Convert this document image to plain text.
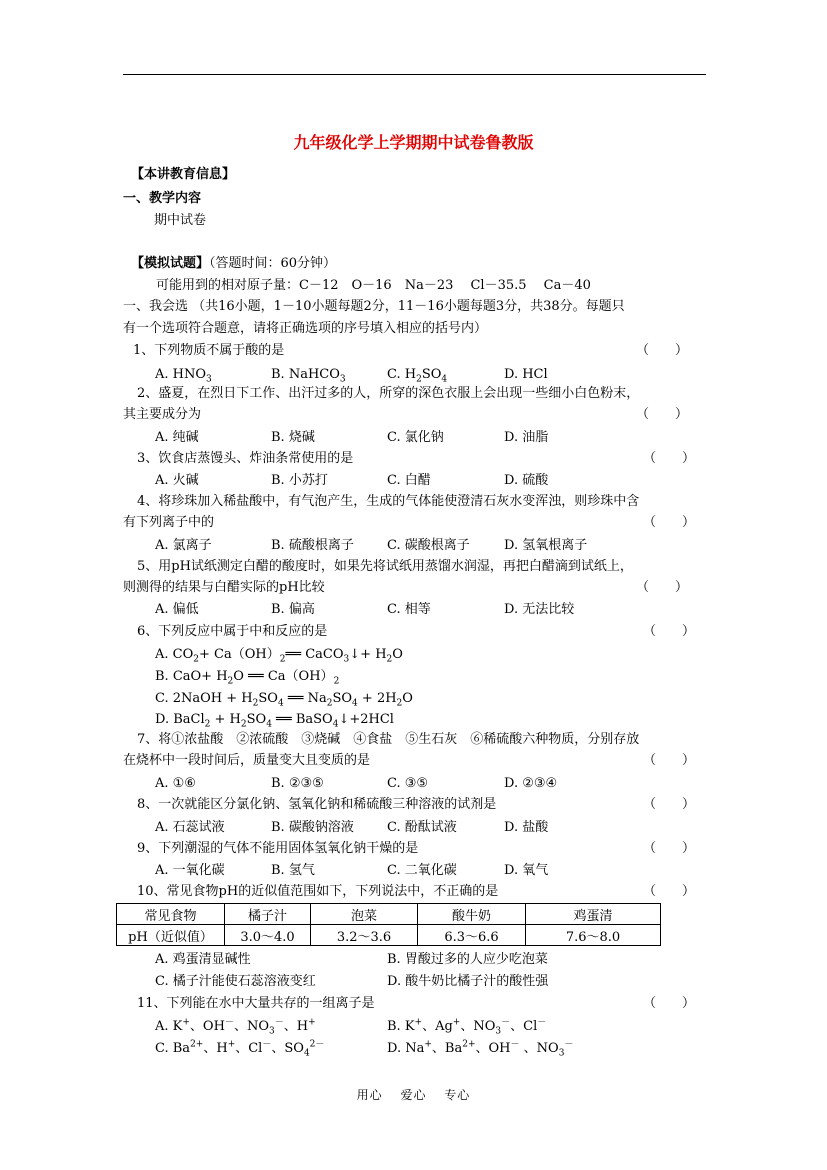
九年级化学上学期期中试卷鲁教版
【本讲教育信息】
一、教学内容
期中试卷
【模拟试题】（答题时间：60分钟）
可能用到的相对原子量：C－12　O－16　Na－23　 Cl－35.5　 Ca－40
一、我会选 （共16小题，1－10小题每题2分，11－16小题每题3分，共38分。每题只
有一个选项符合题意，请将正确选项的序号填入相应的括号内）
1、下列物质不属于酸的是	（　　）
A. $HNO_3$	B. NaHCO$_3$	C. $H_2SO_4$	D. HCl
2、盛夏，在烈日下工作、出汗过多的人，所穿的深色衣服上会出现一些细小白色粉末，
其主要成分为	（　　）
A. 纯碱	B. 烧碱	C. 氯化钠	D. 油脂
3、饮食店蒸馒头、炸油条常使用的是	（　　）
A. 火碱	B. 小苏打	C. 白醋	D. 硫酸
4、将珍珠加入稀盐酸中，有气泡产生，生成的气体能使澄清石灰水变浑浊，则珍珠中含
有下列离子中的	（　　）
A. 氯离子	B. 硫酸根离子	C. 碳酸根离子	D. 氢氧根离子
5、用pH试纸测定白醋的酸度时，如果先将试纸用蒸馏水润湿，再把白醋滴到试纸上，
则测得的结果与白醋实际的pH比较	（　　）
A. 偏低	B. 偏高	C. 相等	D. 无法比较
6、下列反应中属于中和反应的是	（　　）
A. $CO_2+$ $Ca(OH)_2══$ CaCO$_3$↓+ $H_2O$
B. $CaO+ H_2O$ ══ $Ca(OH)_2$
C. 2NaOH + $H_2SO_4$ ══ $Na_2SO_4 + 2H_2O$
D. BaCl$_2$ + $H_2SO_4$ ══ BaSO$_4$↓+2HCl
7、将①浓盐酸　②浓硫酸　③烧碱　④食盐　⑤生石灰　⑥稀硫酸六种物质，分别存放
在烧杯中一段时间后，质量变大且变质的是	（　　）
A. ①⑥	B. ②③⑤	C. ③⑤	D. ②③④
8、一次就能区分氯化钠、氢氧化钠和稀硫酸三种溶液的试剂是	（　　）
A. 石蕊试液	B. 碳酸钠溶液	C. 酚酞试液	D. 盐酸
9、下列潮湿的气体不能用固体氢氧化钠干燥的是	（　　）
A. 一氧化碳	B. 氢气	C. 二氧化碳	D. 氧气
10、常见食物pH的近似值范围如下，下列说法中，不正确的是	（　　）
常见食物	橘子汁	泡菜	酸牛奶	鸡蛋清
pH（近似值）	3.0～4.0	3.2～3.6	6.3～6.6	7.6～8.0
A. 鸡蛋清显碱性	B. 胃酸过多的人应少吃泡菜
C. 橘子汁能使石蕊溶液变红	D. 酸牛奶比橘子汁的酸性强
11、下列能在水中大量共存的一组离子是	（　　）
A. K+、OH－、$NO_3^-$、H+	B. K+、Ag+、$NO_3^-$、Cl－
C. $Ba^{2+}$、H+、Cl－、$SO_4^{2-}$	D. Na+、$Ba^{2+}$、OH－ 、$NO_3^-$
用心　 爱心　 专心
